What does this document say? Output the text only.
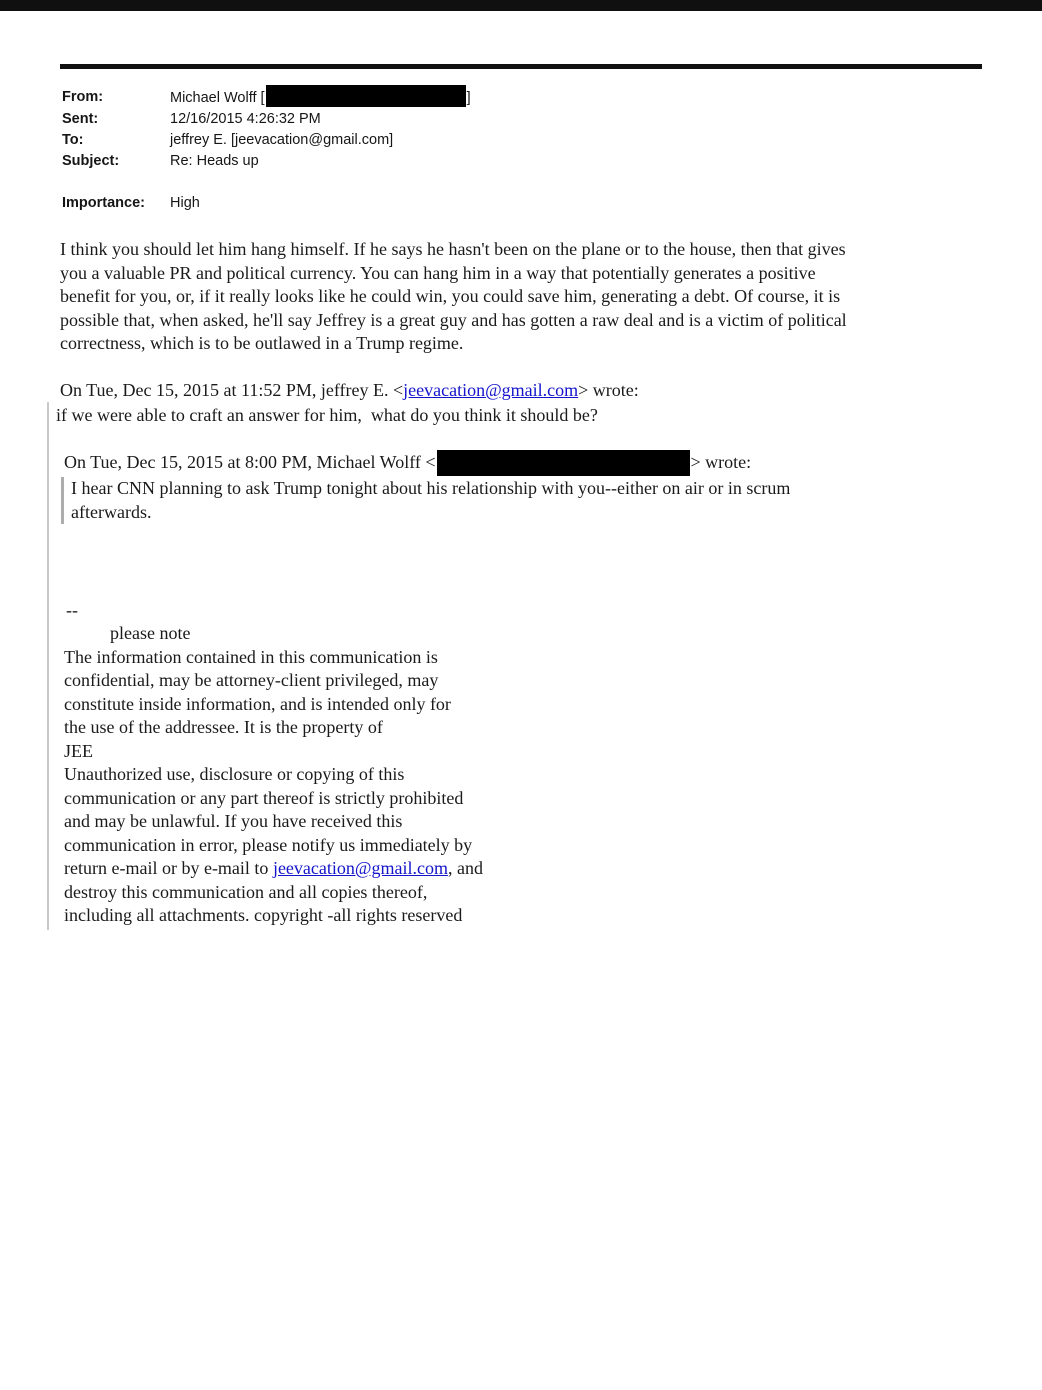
From:	Michael Wolff [	]
Sent:	12/16/2015 4:26:32 PM
To:	jeffrey E. [jeevacation@gmail.com]
Subject:	Re: Heads up
Importance:	High
I think you should let him hang himself. If he says he hasn't been on the plane or to the house, then that gives
you a valuable PR and political currency. You can hang him in a way that potentially generates a positive
benefit for you, or, if it really looks like he could win, you could save him, generating a debt. Of course, it is
possible that, when asked, he'll say Jeffrey is a great guy and has gotten a raw deal and is a victim of political
correctness, which is to be outlawed in a Trump regime.
On Tue, Dec 15, 2015 at 11:52 PM, jeffrey E. <jeevacation@gmail.com> wrote:
if we were able to craft an answer for him,  what do you think it should be?
On Tue, Dec 15, 2015 at 8:00 PM, Michael Wolff <	> wrote:
I hear CNN planning to ask Trump tonight about his relationship with you--either on air or in scrum
afterwards.
--
please note
The information contained in this communication is
confidential, may be attorney-client privileged, may
constitute inside information, and is intended only for
the use of the addressee. It is the property of
JEE
Unauthorized use, disclosure or copying of this
communication or any part thereof is strictly prohibited
and may be unlawful. If you have received this
communication in error, please notify us immediately by
return e-mail or by e-mail to jeevacation@gmail.com, and
destroy this communication and all copies thereof,
including all attachments. copyright -all rights reserved
